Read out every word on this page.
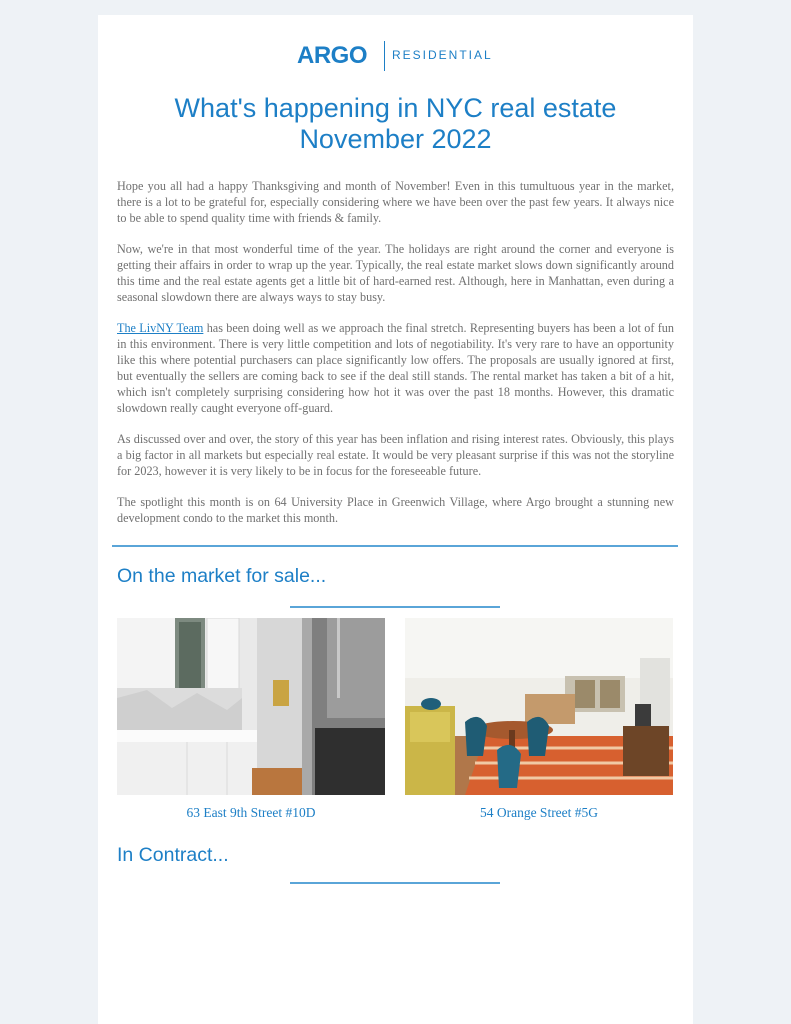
ARGO RESIDENTIAL
What's happening in NYC real estate
November 2022

Hope you all had a happy Thanksgiving and month of November! Even in this tumultuous year in the market, there is a lot to be grateful for, especially considering where we have been over the past few years. It always nice to be able to spend quality time with friends & family.

Now, we're in that most wonderful time of the year. The holidays are right around the corner and everyone is getting their affairs in order to wrap up the year. Typically, the real estate market slows down significantly around this time and the real estate agents get a little bit of hard-earned rest. Although, here in Manhattan, even during a seasonal slowdown there are always ways to stay busy.

The LivNY Team has been doing well as we approach the final stretch. Representing buyers has been a lot of fun in this environment. There is very little competition and lots of negotiability. It's very rare to have an opportunity like this where potential purchasers can place significantly low offers. The proposals are usually ignored at first, but eventually the sellers are coming back to see if the deal still stands. The rental market has taken a bit of a hit, which isn't completely surprising considering how hot it was over the past 18 months. However, this dramatic slowdown really caught everyone off-guard.

As discussed over and over, the story of this year has been inflation and rising interest rates. Obviously, this plays a big factor in all markets but especially real estate. It would be very pleasant surprise if this was not the storyline for 2023, however it is very likely to be in focus for the foreseeable future.

The spotlight this month is on 64 University Place in Greenwich Village, where Argo brought a stunning new development condo to the market this month.

On the market for sale...
63 East 9th Street #10D	54 Orange Street #5G
In Contract...
